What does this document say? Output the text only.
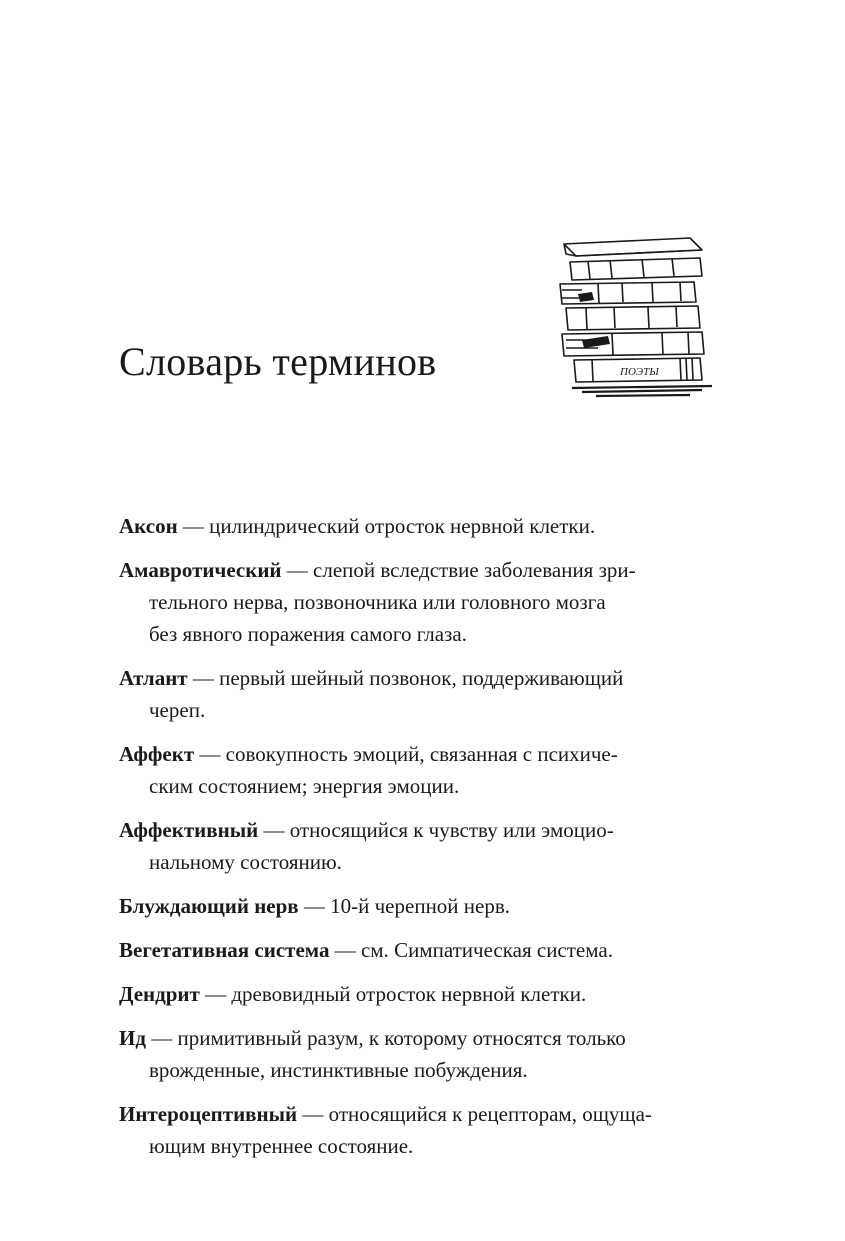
Словарь терминов	ПОЭТЫ

Аксон — цилиндрический отросток нервной клетки.

Амавротический — слепой вследствие заболевания зри-
тельного нерва, позвоночника или головного мозга
без явного поражения самого глаза.

Атлант — первый шейный позвонок, поддерживающий
череп.

Аффект — совокупность эмоций, связанная с психиче-
ским состоянием; энергия эмоции.

Аффективный — относящийся к чувству или эмоцио-
нальному состоянию.

Блуждающий нерв — 10-й черепной нерв.

Вегетативная система — см. Симпатическая система.

Дендрит — древовидный отросток нервной клетки.

Ид — примитивный разум, к которому относятся только
врожденные, инстинктивные побуждения.

Интероцептивный — относящийся к рецепторам, ощуща-
ющим внутреннее состояние.
